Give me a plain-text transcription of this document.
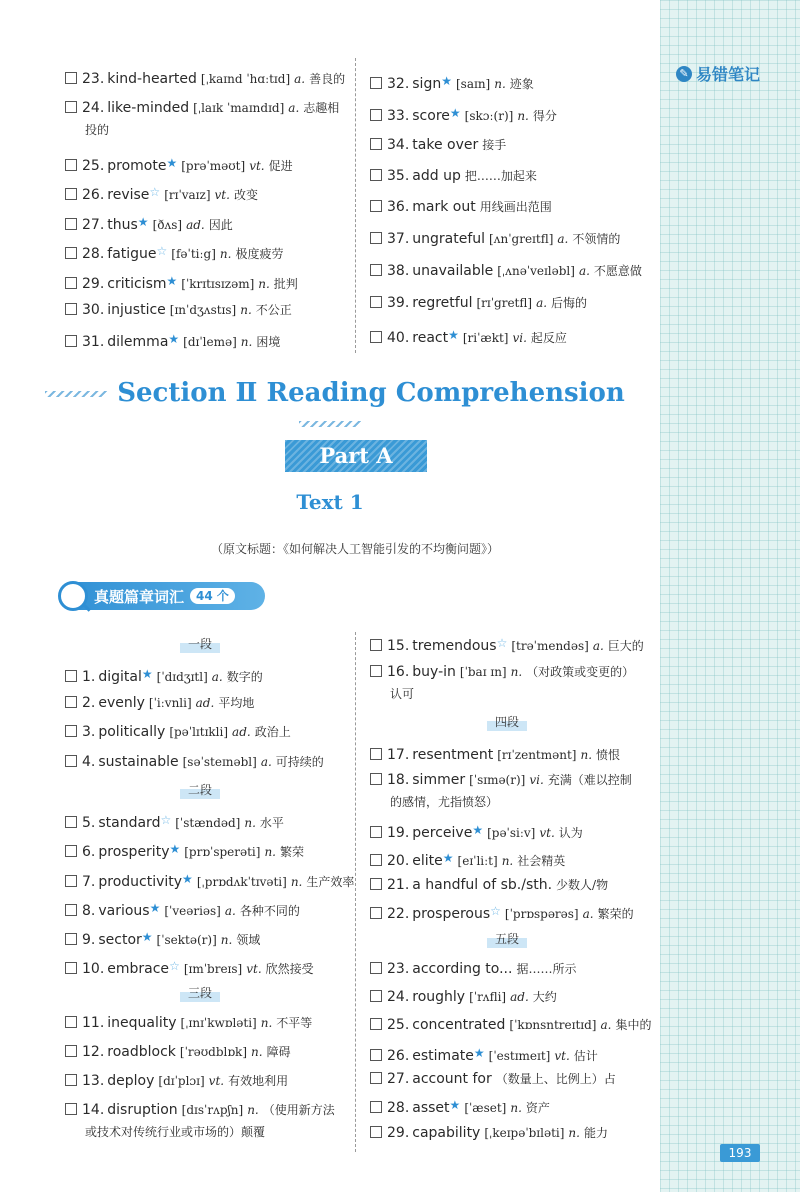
✎ 易错笔记
23. kind-hearted [ˌkaɪnd ˈhɑːtɪd] a. 善良的
24. like-minded [ˌlaɪk ˈmaɪndɪd] a. 志趣相
投的
25. promote★ [prəˈməʊt] vt. 促进
26. revise☆ [rɪˈvaɪz] vt. 改变
27. thus★ [ðʌs] ad. 因此
28. fatigue☆ [fəˈtiːg] n. 极度疲劳
29. criticism★ [ˈkrɪtɪsɪzəm] n. 批判
30. injustice [ɪnˈdʒʌstɪs] n. 不公正
31. dilemma★ [dɪˈlemə] n. 困境
32. sign★ [saɪn] n. 迹象
33. score★ [skɔː(r)] n. 得分
34. take over 接手
35. add up 把……加起来
36. mark out 用线画出范围
37. ungrateful [ʌnˈgreɪtfl] a. 不领情的
38. unavailable [ˌʌnəˈveɪləbl] a. 不愿意做
39. regretful [rɪˈgretfl] a. 后悔的
40. react★ [riˈækt] vi. 起反应
Section Ⅱ Reading Comprehension
Part A
Text 1
（原文标题：《如何解决人工智能引发的不均衡问题》）
真题篇章词汇	44 个
一段
二段
三段
四段
五段
1. digital★ [ˈdɪdʒɪtl] a. 数字的
2. evenly [ˈiːvnli] ad. 平均地
3. politically [pəˈlɪtɪkli] ad. 政治上
4. sustainable [səˈsteɪnəbl] a. 可持续的
5. standard☆ [ˈstændəd] n. 水平
6. prosperity★ [prɒˈsperəti] n. 繁荣
7. productivity★ [ˌprɒdʌkˈtɪvəti] n. 生产效率
8. various★ [ˈveəriəs] a. 各种不同的
9. sector★ [ˈsektə(r)] n. 领域
10. embrace☆ [ɪmˈbreɪs] vt. 欣然接受
11. inequality [ˌɪnɪˈkwɒləti] n. 不平等
12. roadblock [ˈrəʊdblɒk] n. 障碍
13. deploy [dɪˈplɔɪ] vt. 有效地利用
14. disruption [dɪsˈrʌpʃn] n. （使用新方法
或技术对传统行业或市场的）颠覆
15. tremendous☆ [trəˈmendəs] a. 巨大的
16. buy-in [ˈbaɪ ɪn] n. （对政策或变更的）
认可
17. resentment [rɪˈzentmənt] n. 愤恨
18. simmer [ˈsɪmə(r)] vi. 充满（难以控制
的感情，尤指愤怒）
19. perceive★ [pəˈsiːv] vt. 认为
20. elite★ [eɪˈliːt] n. 社会精英
21. a handful of sb./sth. 少数人/物
22. prosperous☆ [ˈprɒspərəs] a. 繁荣的
23. according to... 据……所示
24. roughly [ˈrʌfli] ad. 大约
25. concentrated [ˈkɒnsntreɪtɪd] a. 集中的
26. estimate★ [ˈestɪmeɪt] vt. 估计
27. account for （数量上、比例上）占
28. asset★ [ˈæset] n. 资产
29. capability [ˌkeɪpəˈbɪləti] n. 能力
193
